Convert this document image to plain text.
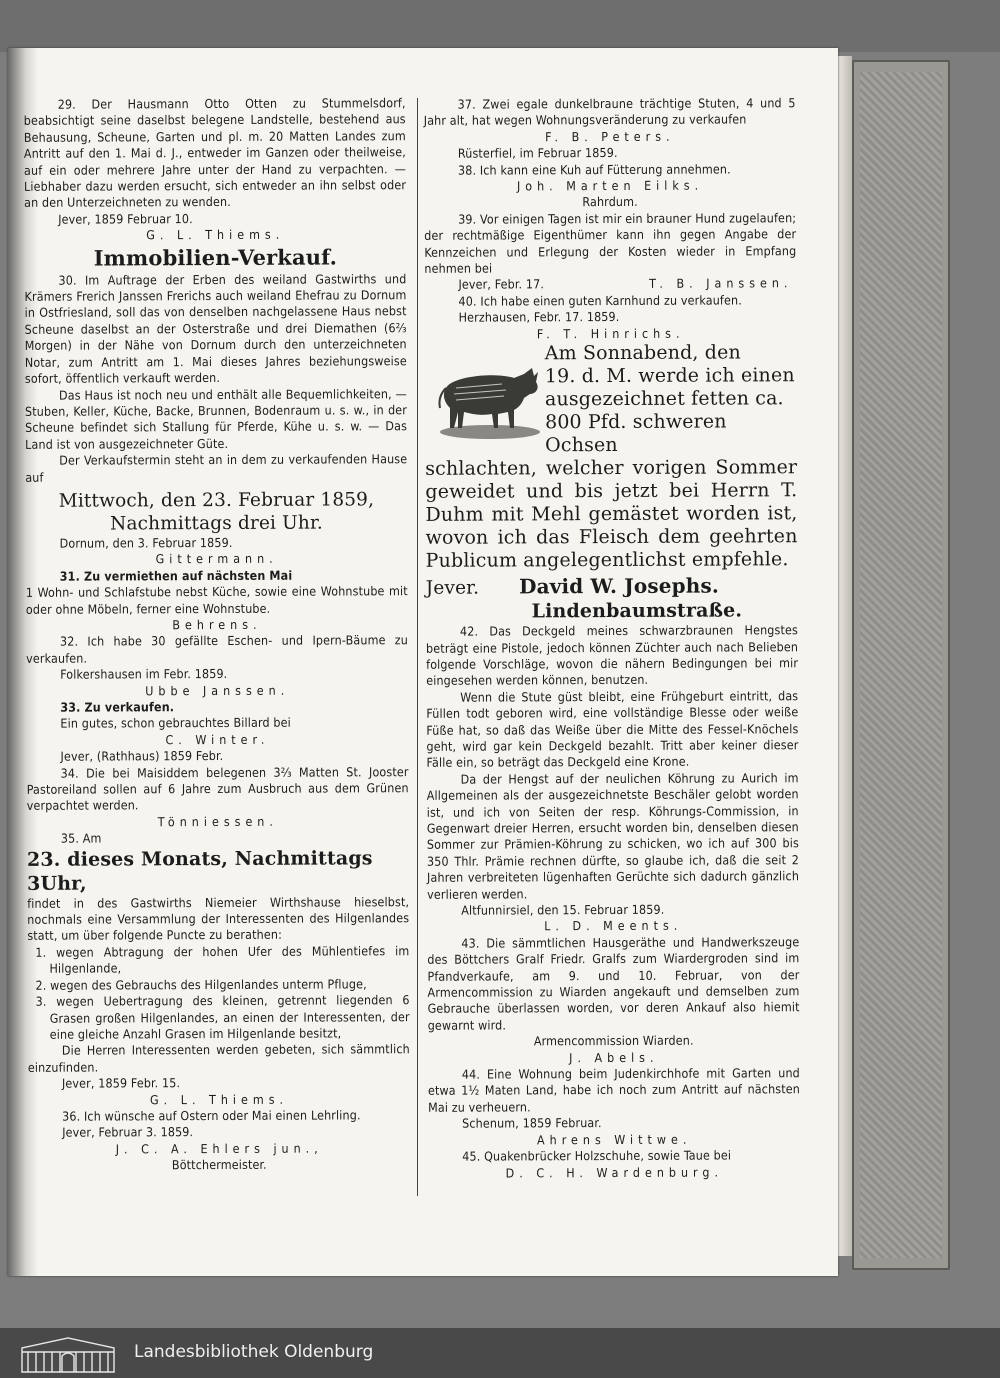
29. Der Hausmann Otto Otten zu Stummelsdorf, beabsichtigt seine daselbst belegene Landstelle, bestehend aus Behausung, Scheune, Garten und pl. m. 20 Matten Landes zum Antritt auf den 1. Mai d. J., entweder im Ganzen oder theilweise, auf ein oder mehrere Jahre unter der Hand zu verpachten. — Liebhaber dazu werden ersucht, sich entweder an ihn selbst oder an den Unterzeichneten zu wenden.

Jever, 1859 Februar 10.

G. L. Thiems.

Immobilien-Verkauf.

30. Im Auftrage der Erben des weiland Gastwirths und Krämers Frerich Janssen Frerichs auch weiland Ehefrau zu Dornum in Ostfriesland, soll das von denselben nachgelassene Haus nebst Scheune daselbst an der Osterstraße und drei Diemathen (6⅔ Morgen) in der Nähe von Dornum durch den unterzeichneten Notar, zum Antritt am 1. Mai dieses Jahres beziehungsweise sofort, öffentlich verkauft werden.

Das Haus ist noch neu und enthält alle Bequemlichkeiten, — Stuben, Keller, Küche, Backe, Brunnen, Bodenraum u. s. w., in der Scheune befindet sich Stallung für Pferde, Kühe u. s. w. — Das Land ist von ausgezeichneter Güte.

Der Verkaufstermin steht an in dem zu verkaufenden Hause auf

Mittwoch, den 23. Februar 1859,

Nachmittags drei Uhr.

Dornum, den 3. Februar 1859.

Gittermann.

31. Zu vermiethen auf nächsten Mai

1 Wohn- und Schlafstube nebst Küche, sowie eine Wohnstube mit oder ohne Möbeln, ferner eine Wohnstube.

Behrens.

32. Ich habe 30 gefällte Eschen- und Ipern-Bäume zu verkaufen.

Folkershausen im Febr. 1859.

Ubbe Janssen.

33. Zu verkaufen.

Ein gutes, schon gebrauchtes Billard bei

C. Winter.

Jever, (Rathhaus) 1859 Febr.

34. Die bei Maisiddem belegenen 3⅔ Matten St. Jooster Pastoreiland sollen auf 6 Jahre zum Ausbruch aus dem Grünen verpachtet werden.

Tönniessen.

35. Am

23. dieses Monats, Nachmittags 3Uhr,

findet in des Gastwirths Niemeier Wirthshause hieselbst, nochmals eine Versammlung der Interessenten des Hilgenlandes statt, um über folgende Puncte zu berathen:

1. wegen Abtragung der hohen Ufer des Mühlentiefes im Hilgenlande,

2. wegen des Gebrauchs des Hilgenlandes unterm Pfluge,

3. wegen Uebertragung des kleinen, getrennt liegenden 6 Grasen großen Hilgenlandes, an einen der Interessenten, der eine gleiche Anzahl Grasen im Hilgenlande besitzt,

Die Herren Interessenten werden gebeten, sich sämmtlich einzufinden.

Jever, 1859 Febr. 15.

G. L. Thiems.

36. Ich wünsche auf Ostern oder Mai einen Lehrling.

Jever, Februar 3. 1859.

J. C. A. Ehlers jun.,

Böttchermeister.

37. Zwei egale dunkelbraune trächtige Stuten, 4 und 5 Jahr alt, hat wegen Wohnungsveränderung zu verkaufen

F. B. Peters.

Rüsterfiel, im Februar 1859.

38. Ich kann eine Kuh auf Fütterung annehmen.

Joh. Marten Eilks.

Rahrdum.

39. Vor einigen Tagen ist mir ein brauner Hund zugelaufen; der rechtmäßige Eigenthümer kann ihn gegen Angabe der Kennzeichen und Erlegung der Kosten wieder in Empfang nehmen bei

Jever, Febr. 17.	T. B. Janssen.

40. Ich habe einen guten Karnhund zu verkaufen.

Herzhausen, Febr. 17. 1859.

F. T. Hinrichs.

Am Sonnabend, den

19. d. M. werde ich einen

ausgezeichnet fetten ca.

800 Pfd. schweren Ochsen

schlachten, welcher vorigen Sommer geweidet und bis jetzt bei Herrn T. Duhm mit Mehl gemästet worden ist, wovon ich das Fleisch dem geehrten Publicum angelegentlichst empfehle.

Jever. David W. Josephs.

Lindenbaumstraße.

42. Das Deckgeld meines schwarzbraunen Hengstes beträgt eine Pistole, jedoch können Züchter auch nach Belieben folgende Vorschläge, wovon die nähern Bedingungen bei mir eingesehen werden können, benutzen.

Wenn die Stute güst bleibt, eine Frühgeburt eintritt, das Füllen todt geboren wird, eine vollständige Blesse oder weiße Füße hat, so daß das Weiße über die Mitte des Fessel-Knöchels geht, wird gar kein Deckgeld bezahlt. Tritt aber keiner dieser Fälle ein, so beträgt das Deckgeld eine Krone.

Da der Hengst auf der neulichen Köhrung zu Aurich im Allgemeinen als der ausgezeichnetste Beschäler gelobt worden ist, und ich von Seiten der resp. Köhrungs-Commission, in Gegenwart dreier Herren, ersucht worden bin, denselben diesen Sommer zur Prämien-Köhrung zu schicken, wo ich auf 300 bis 350 Thlr. Prämie rechnen dürfte, so glaube ich, daß die seit 2 Jahren verbreiteten lügenhaften Gerüchte sich dadurch gänzlich verlieren werden.

Altfunnirsiel, den 15. Februar 1859.

L. D. Meents.

43. Die sämmtlichen Hausgeräthe und Handwerkszeuge des Böttchers Gralf Friedr. Gralfs zum Wiardergroden sind im Pfandverkaufe, am 9. und 10. Februar, von der Armencommission zu Wiarden angekauft und demselben zum Gebrauche überlassen worden, vor deren Ankauf also hiemit gewarnt wird.

Armencommission Wiarden.

J. Abels.

44. Eine Wohnung beim Judenkirchhofe mit Garten und etwa 1½ Maten Land, habe ich noch zum Antritt auf nächsten Mai zu verheuern.

Schenum, 1859 Februar.

Ahrens Wittwe.

45. Quakenbrücker Holzschuhe, sowie Taue bei

D. C. H. Wardenburg.

Landesbibliothek Oldenburg
